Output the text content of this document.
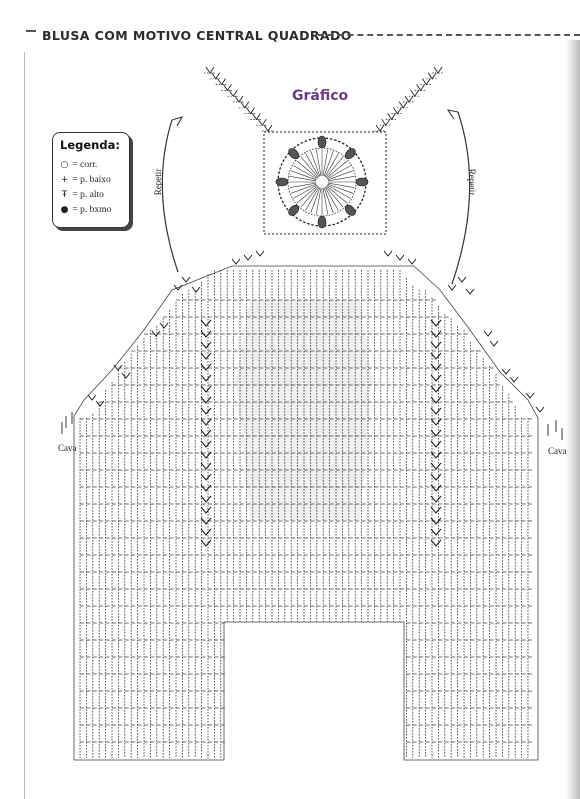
BLUSA COM MOTIVO CENTRAL QUADRADO
Gráfico
Legenda:
○ = corr.
+ = p. baixo
Ŧ = p. alto
● = p. bxmo
Repetir	Repetir
Cava	Cava
